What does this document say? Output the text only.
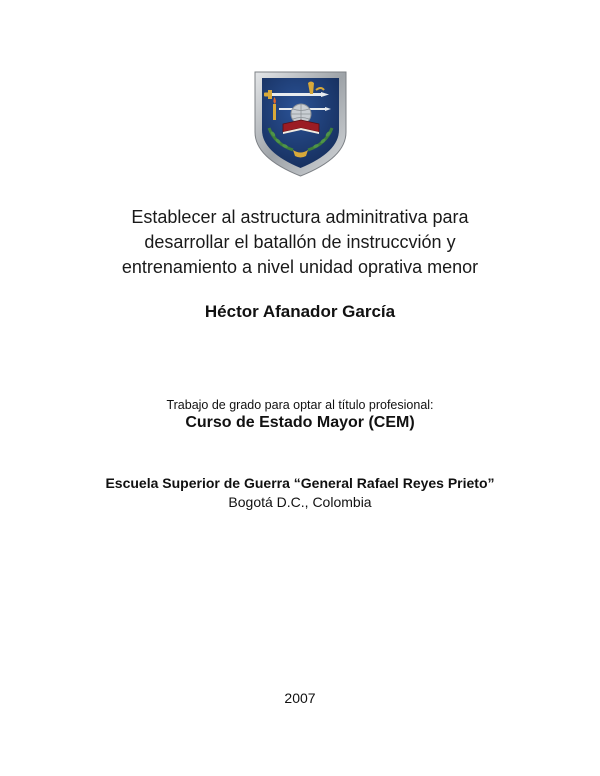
Establecer al astructura adminitrativa para
desarrollar el batallón de instruccvión y
entrenamiento a nivel unidad oprativa menor
Héctor Afanador García
Trabajo de grado para optar al título profesional:
Curso de Estado Mayor (CEM)
Escuela Superior de Guerra “General Rafael Reyes Prieto”
Bogotá D.C., Colombia
2007
